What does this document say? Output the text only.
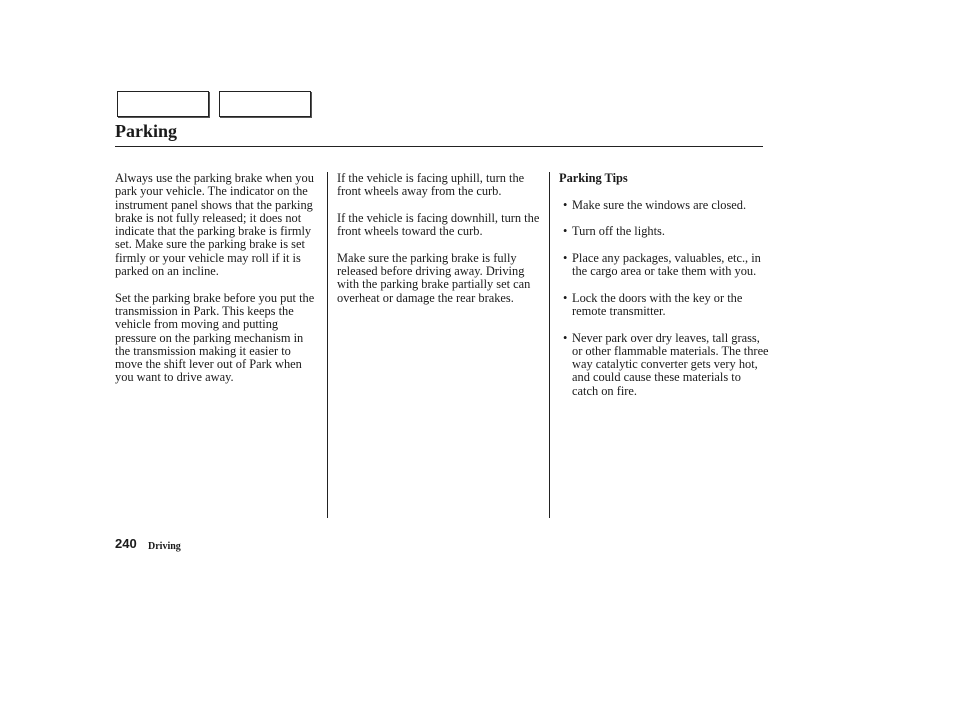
Parking

Always use the parking brake when you park your vehicle. The indicator on the instrument panel shows that the parking brake is not fully released; it does not indicate that the parking brake is firmly set. Make sure the parking brake is set firmly or your vehicle may roll if it is parked on an incline.

Set the parking brake before you put the transmission in Park. This keeps the vehicle from moving and putting pressure on the parking mechanism in the transmission making it easier to move the shift lever out of Park when you want to drive away.

If the vehicle is facing uphill, turn the front wheels away from the curb.

If the vehicle is facing downhill, turn the front wheels toward the curb.

Make sure the parking brake is fully released before driving away. Driving with the parking brake partially set can overheat or damage the rear brakes.

Parking Tips

• Make sure the windows are closed.
• Turn off the lights.
• Place any packages, valuables, etc., in the cargo area or take them with you.
• Lock the doors with the key or the remote transmitter.
• Never park over dry leaves, tall grass, or other flammable materials. The three way catalytic converter gets very hot, and could cause these materials to catch on fire.
240 Driving
